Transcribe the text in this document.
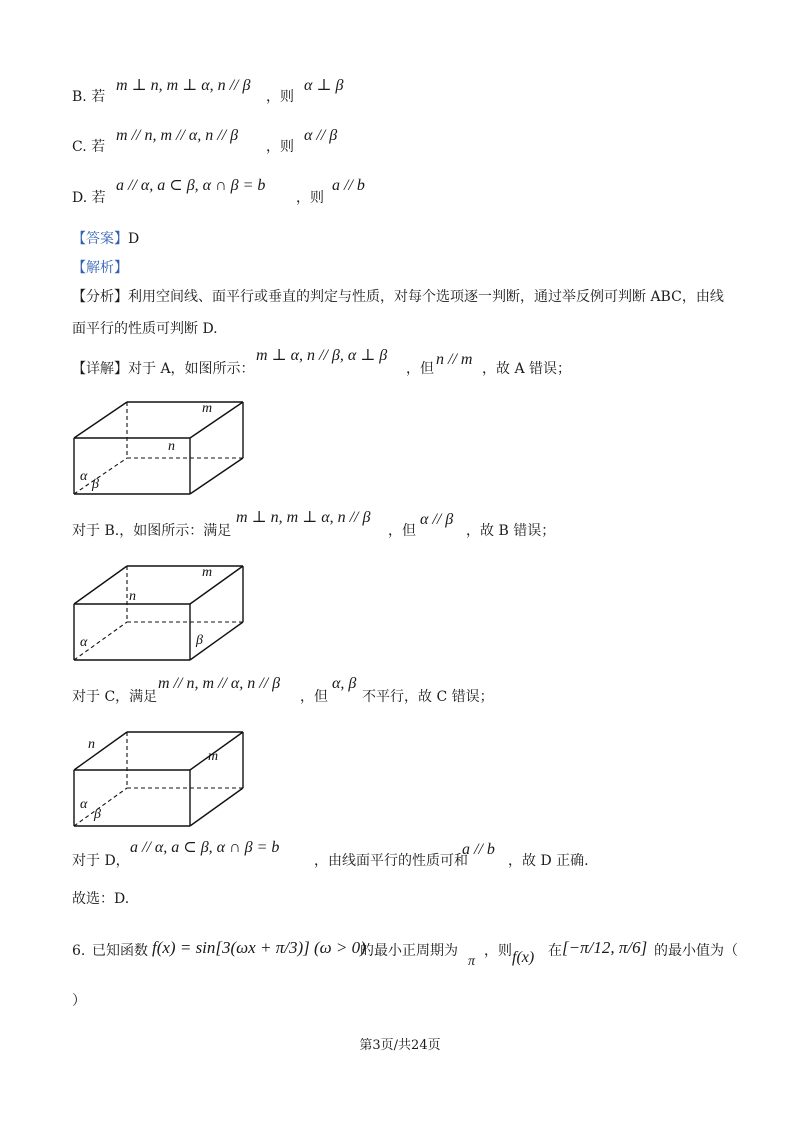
B. 若
m ⊥ n, m ⊥ α, n // β
，则
α ⊥ β
C. 若
m // n, m // α, n // β
，则
α // β
D. 若
a // α, a ⊂ β, α ∩ β = b
，则
a // b
【答案】D
【解析】
【分析】利用空间线、面平行或垂直的判定与性质，对每个选项逐一判断，通过举反例可判断 ABC，由线
面平行的性质可判断 D.
【详解】对于 A，如图所示：
m ⊥ α, n // β, α ⊥ β
，但
n // m
，故 A 错误；
m
n
α
β
对于 B.，如图所示：满足
m ⊥ n, m ⊥ α, n // β
，但
α // β
，故 B 错误；
m
n
α	β
对于 C，满足
m // n, m // α, n // β
，但
α, β
不平行，故 C 错误；
n
m
α
β
对于 D，
a // α, a ⊂ β, α ∩ β = b
，由线面平行的性质可和
a // b
，故 D 正确.
故选：D.
6. 已知函数 f(x) = sin[3(ωx + π/3)] (ω > 0)
的最小正周期为
π
，则 f(x) 在 [−π/12, π/6] 的最小值为（
）
第3页/共24页
